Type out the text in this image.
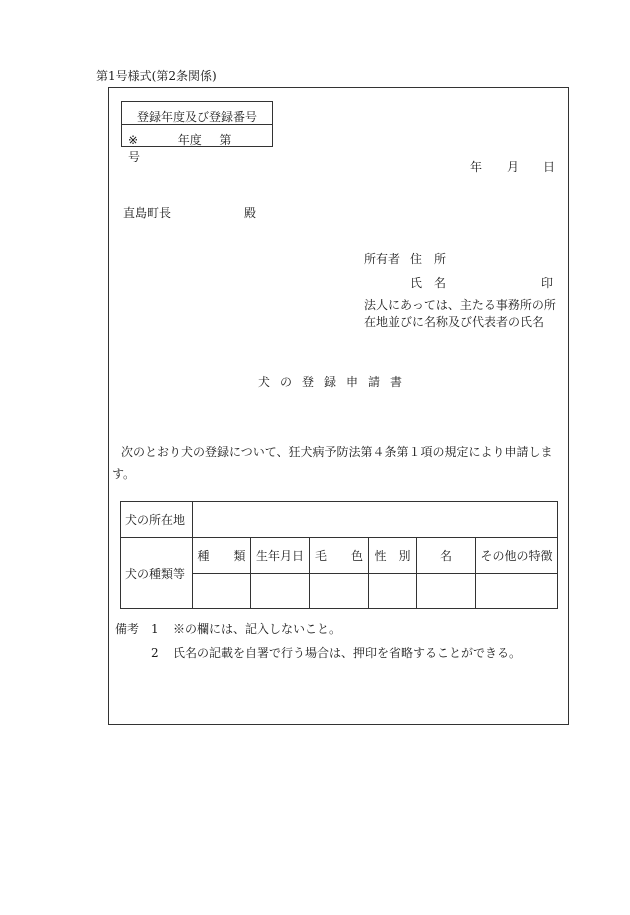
第1号様式(第2条関係)
登録年度及び登録番号
※	年度 第  号
年 月 日
直島町長	殿
所有者 住　所
氏　名	印
法人にあっては、主たる事務所の所
在地並びに名称及び代表者の氏名
犬の登録申請書
次のとおり犬の登録について、狂犬病予防法第４条第１項の規定により申請しま
す。
犬の所在地						
犬の種類等	種　　類	生年月日	毛　　色	性　別	名	その他の特徴

備考 1 ※の欄には、記入しないこと。
2 氏名の記載を自署で行う場合は、押印を省略することができる。
